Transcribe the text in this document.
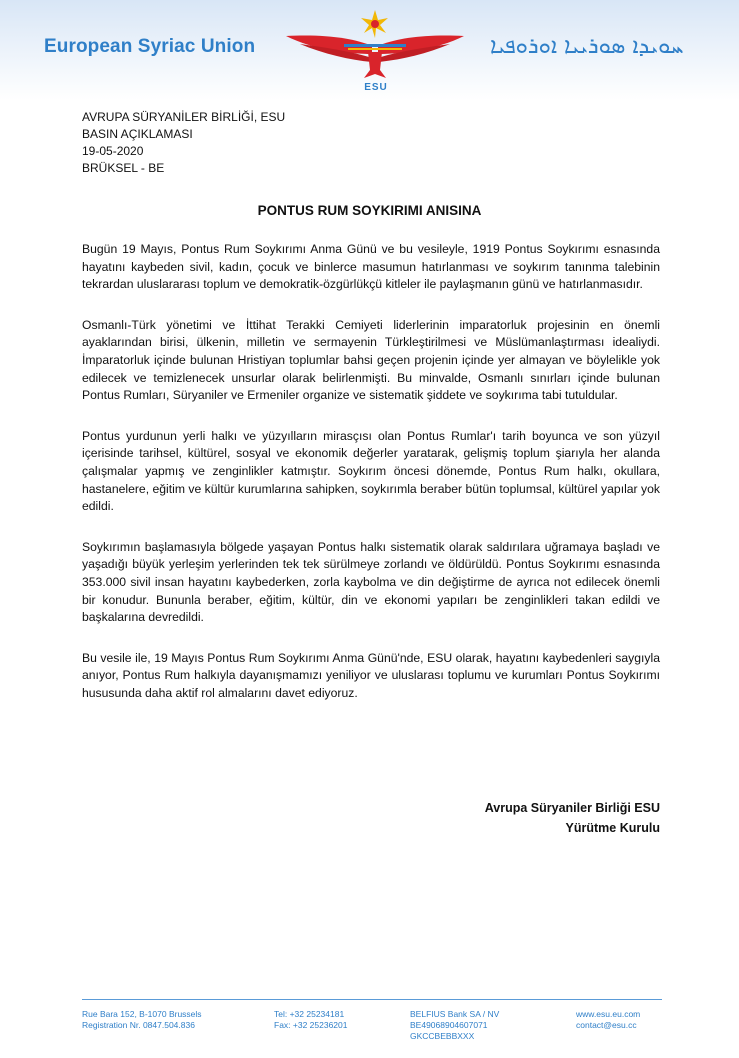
European Syriac Union
ESU
ܚܘܝܕܐ ܣܘܪܝܝܐ ܐܘܪܘܦܝܐ
AVRUPA SÜRYANİLER BİRLİĞİ, ESU
BASIN AÇIKLAMASI
19-05-2020
BRÜKSEL - BE
PONTUS RUM SOYKIRIMI ANISINA

Bugün 19 Mayıs, Pontus Rum Soykırımı Anma Günü ve bu vesileyle, 1919 Pontus Soykırımı esnasında hayatını kaybeden sivil, kadın, çocuk ve binlerce masumun hatırlanması ve soykırım tanınma talebinin tekrardan uluslararası toplum ve demokratik-özgürlükçü kitleler ile paylaşmanın günü ve hatırlanmasıdır.

Osmanlı-Türk yönetimi ve İttihat Terakki Cemiyeti liderlerinin imparatorluk projesinin en önemli ayaklarından birisi, ülkenin, milletin ve sermayenin Türkleştirilmesi ve Müslümanlaştırması idealiydi. İmparatorluk içinde bulunan Hristiyan toplumlar bahsi geçen projenin içinde yer almayan ve böylelikle yok edilecek ve temizlenecek unsurlar olarak belirlenmişti. Bu minvalde, Osmanlı sınırları içinde bulunan Pontus Rumları, Süryaniler ve Ermeniler organize ve sistematik şiddete ve soykırıma tabi tutuldular.

Pontus yurdunun yerli halkı ve yüzyılların mirasçısı olan Pontus Rumlar'ı tarih boyunca ve son yüzyıl içerisinde tarihsel, kültürel, sosyal ve ekonomik değerler yaratarak, gelişmiş toplum şiarıyla her alanda çalışmalar yapmış ve zenginlikler katmıştır. Soykırım öncesi dönemde, Pontus Rum halkı, okullara, hastanelere, eğitim ve kültür kurumlarına sahipken, soykırımla beraber bütün toplumsal, kültürel yapılar yok edildi.

Soykırımın başlamasıyla bölgede yaşayan Pontus halkı sistematik olarak saldırılara uğramaya başladı ve yaşadığı büyük yerleşim yerlerinden tek tek sürülmeye zorlandı ve öldürüldü. Pontus Soykırımı esnasında 353.000 sivil insan hayatını kaybederken, zorla kaybolma ve din değiştirme de ayrıca not edilecek önemli bir konudur. Bununla beraber, eğitim, kültür, din ve ekonomi yapıları be zenginlikleri takan edildi ve başkalarına devredildi.

Bu vesile ile, 19 Mayıs Pontus Rum Soykırımı Anma Günü'nde, ESU olarak, hayatını kaybedenleri saygıyla anıyor, Pontus Rum halkıyla dayanışmamızı yeniliyor ve uluslarası toplumu ve kurumları Pontus Soykırımı hususunda daha aktif rol almalarını davet ediyoruz.

Avrupa Süryaniler Birliği ESU
Yürütme Kurulu
Rue Bara 152, B-1070 Brussels
Registration Nr. 0847.504.836
Tel: +32 25234181
Fax: +32 25236201
BELFIUS Bank SA / NV
BE49068904607071
GKCCBEBBXXX
www.esu.eu.com
contact@esu.cc
